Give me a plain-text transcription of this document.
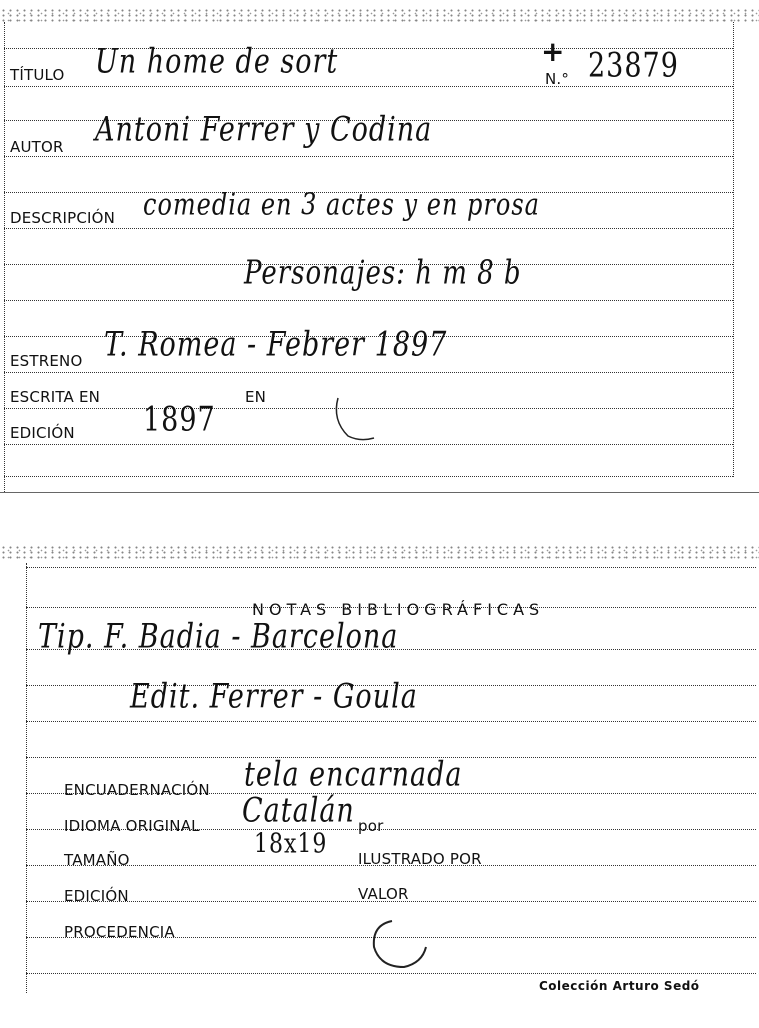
+
TÍTULO Un home de sort	N.° 23879
AUTOR Antoni Ferrer y Codina
DESCRIPCIÓN comedia en 3 actes y en prosa
Personajes: h m 8 b
ESTRENO T. Romea - Febrer 1897
ESCRITA EN	EN
EDICIÓN	1897
NOTAS BIBLIOGRÁFICAS
Tip. F. Badia - Barcelona
Edit. Ferrer - Goula
ENCUADERNACIÓN tela encarnada
IDIOMA ORIGINAL Catalán por
TAMAÑO	18x19 ILUSTRADO POR
EDICIÓN	VALOR
PROCEDENCIA
Colección Arturo Sedó
